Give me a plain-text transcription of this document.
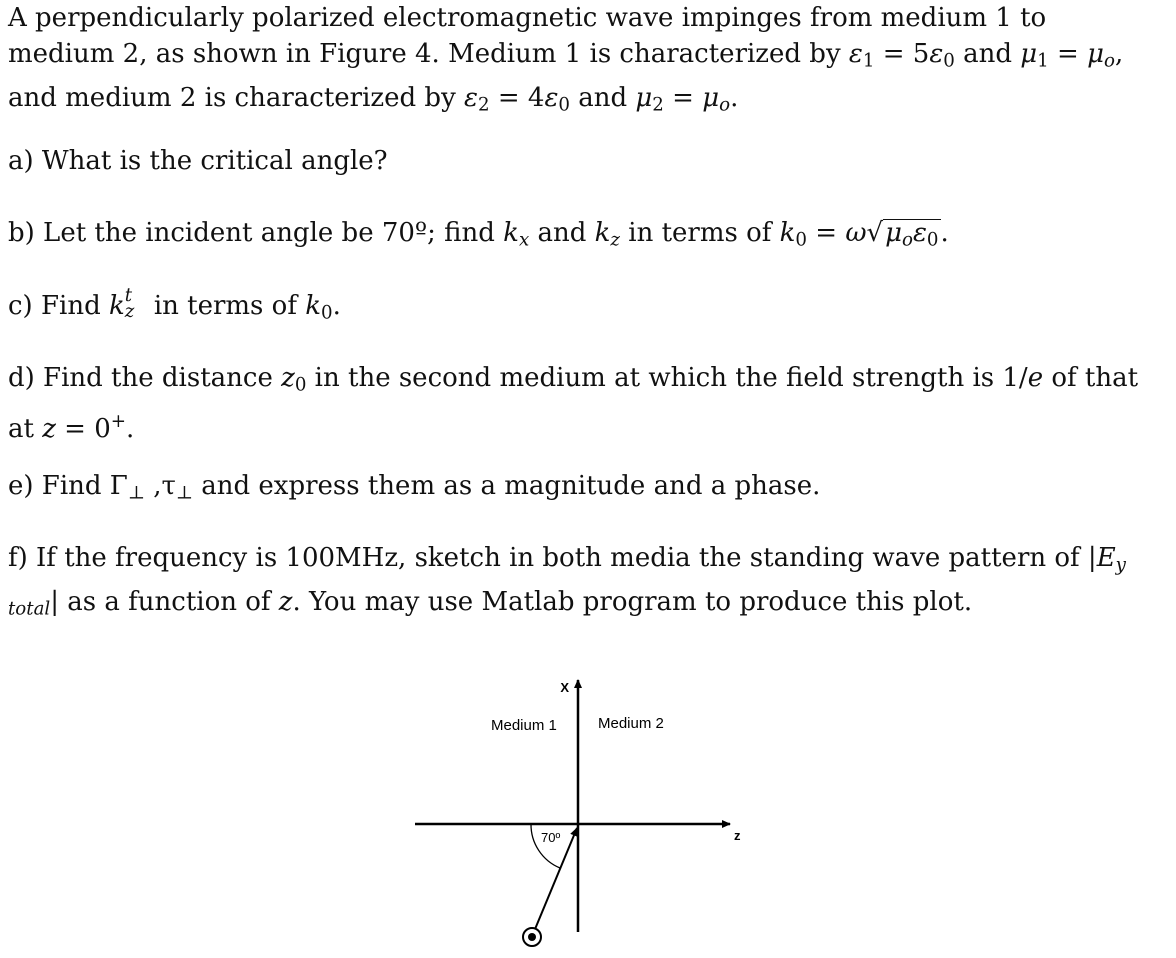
A perpendicularly polarized electromagnetic wave impinges from medium 1 to medium 2, as shown in Figure 4. Medium 1 is characterized by $\varepsilon_1 = 5\varepsilon_0$ and $\mu_1 = \mu o$, and medium 2 is characterized by $\varepsilon_2 = 4\varepsilon_0$ and $\mu_2 = \mu o$.

a) What is the critical angle?

b) Let the incident angle be 70º; find kx and kz in terms of $k_0 = \omega√\mu o\varepsilon_0$.

c) Find k t
z in terms of $k_0$.

d) Find the distance $z_0$ in the second medium at which the field strength is 1/e of that at z = 0+.

e) Find $\Gamma_\perp$ $,\tau_\perp$ and express them as a magnitude and a phase.

f) If the frequency is 100MHz, sketch in both media the standing wave pattern of |Ey total| as a function of z. You may use Matlab program to produce this plot.

X
z
Medium 1	Medium 2
70º
